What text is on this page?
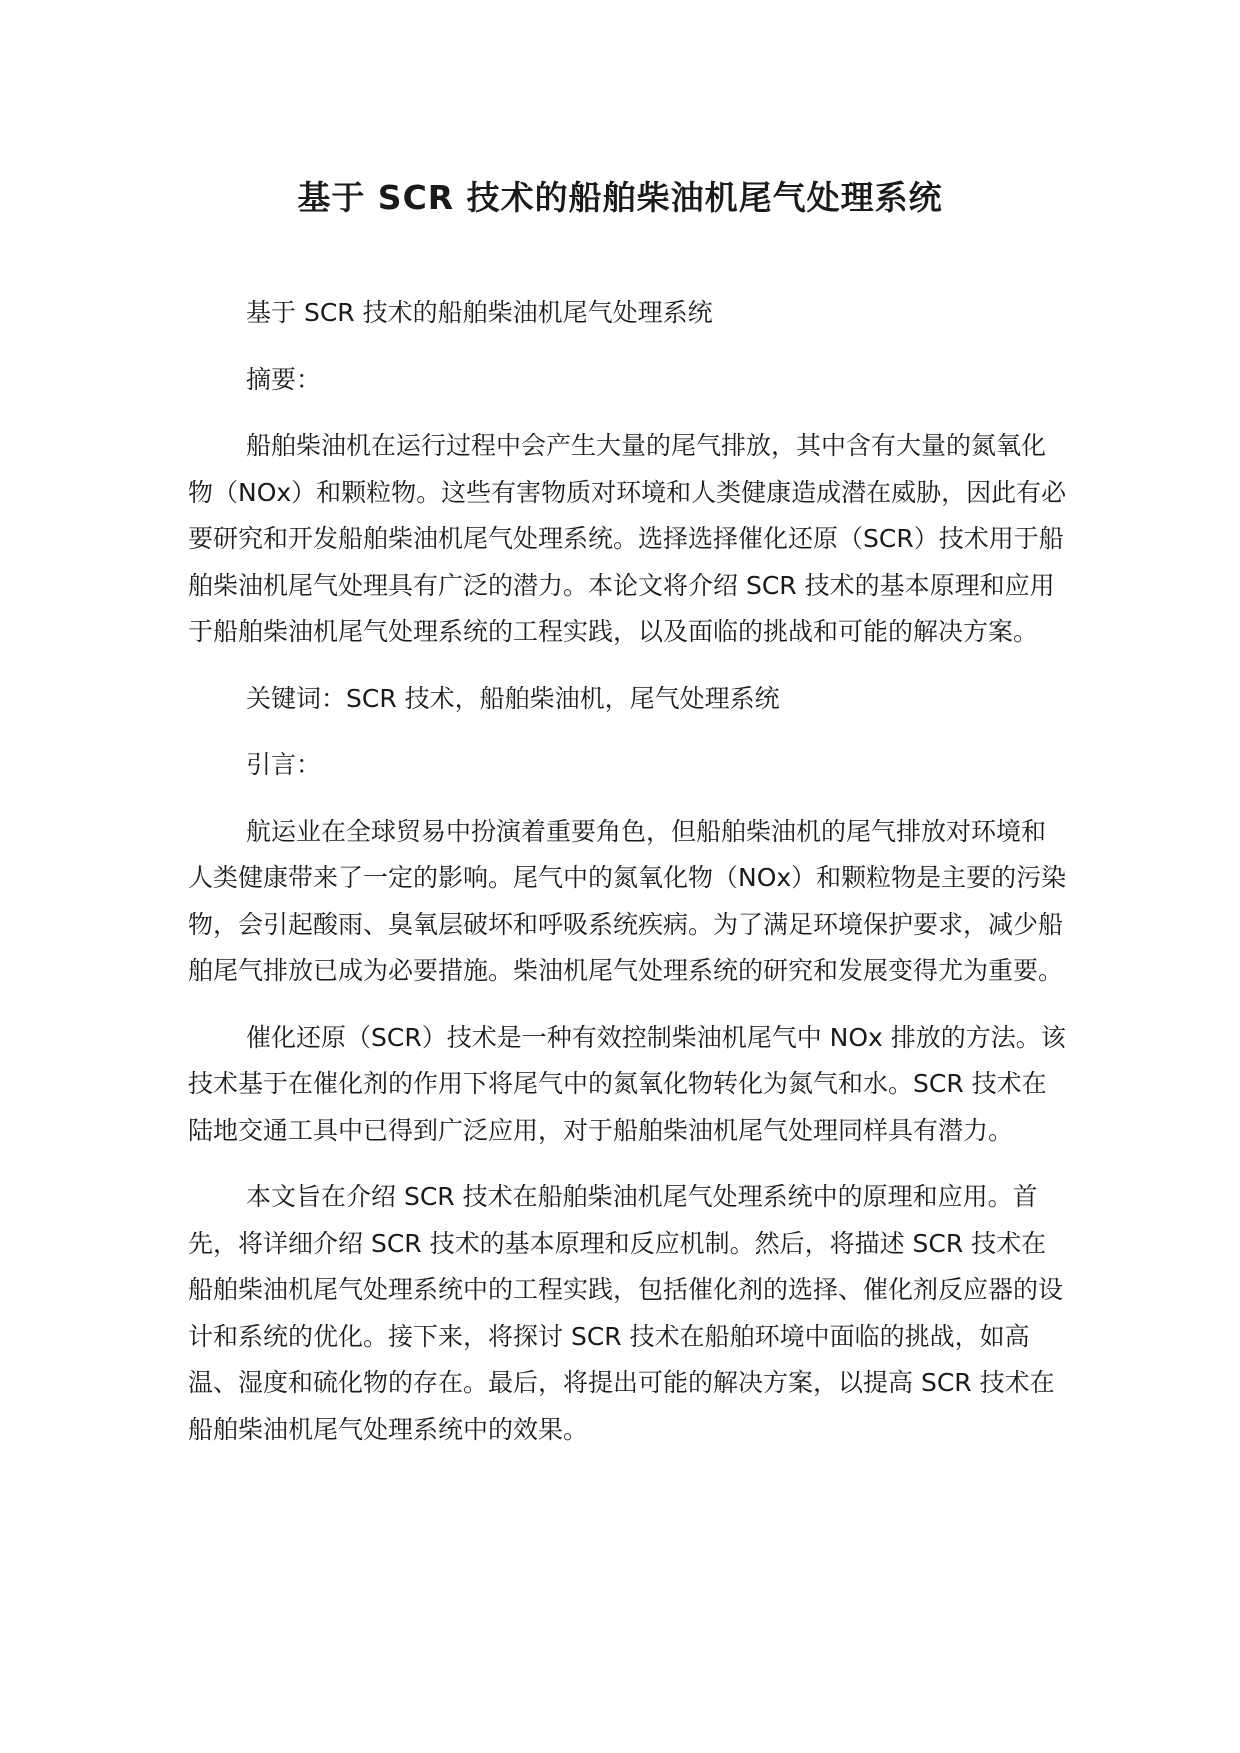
基于 SCR 技术的船舶柴油机尾气处理系统

基于 SCR 技术的船舶柴油机尾气处理系统

摘要：

船舶柴油机在运行过程中会产生大量的尾气排放，其中含有大量的氮氧化物（NOx）和颗粒物。这些有害物质对环境和人类健康造成潜在威胁，因此有必要研究和开发船舶柴油机尾气处理系统。选择选择催化还原（SCR）技术用于船舶柴油机尾气处理具有广泛的潜力。本论文将介绍 SCR 技术的基本原理和应用于船舶柴油机尾气处理系统的工程实践，以及面临的挑战和可能的解决方案。

关键词：SCR 技术，船舶柴油机，尾气处理系统

引言：

航运业在全球贸易中扮演着重要角色，但船舶柴油机的尾气排放对环境和人类健康带来了一定的影响。尾气中的氮氧化物（NOx）和颗粒物是主要的污染物，会引起酸雨、臭氧层破坏和呼吸系统疾病。为了满足环境保护要求，减少船舶尾气排放已成为必要措施。柴油机尾气处理系统的研究和发展变得尤为重要。

催化还原（SCR）技术是一种有效控制柴油机尾气中 NOx 排放的方法。该技术基于在催化剂的作用下将尾气中的氮氧化物转化为氮气和水。SCR 技术在陆地交通工具中已得到广泛应用，对于船舶柴油机尾气处理同样具有潜力。

本文旨在介绍 SCR 技术在船舶柴油机尾气处理系统中的原理和应用。首先，将详细介绍 SCR 技术的基本原理和反应机制。然后，将描述 SCR 技术在船舶柴油机尾气处理系统中的工程实践，包括催化剂的选择、催化剂反应器的设计和系统的优化。接下来，将探讨 SCR 技术在船舶环境中面临的挑战，如高温、湿度和硫化物的存在。最后，将提出可能的解决方案，以提高 SCR 技术在船舶柴油机尾气处理系统中的效果。
